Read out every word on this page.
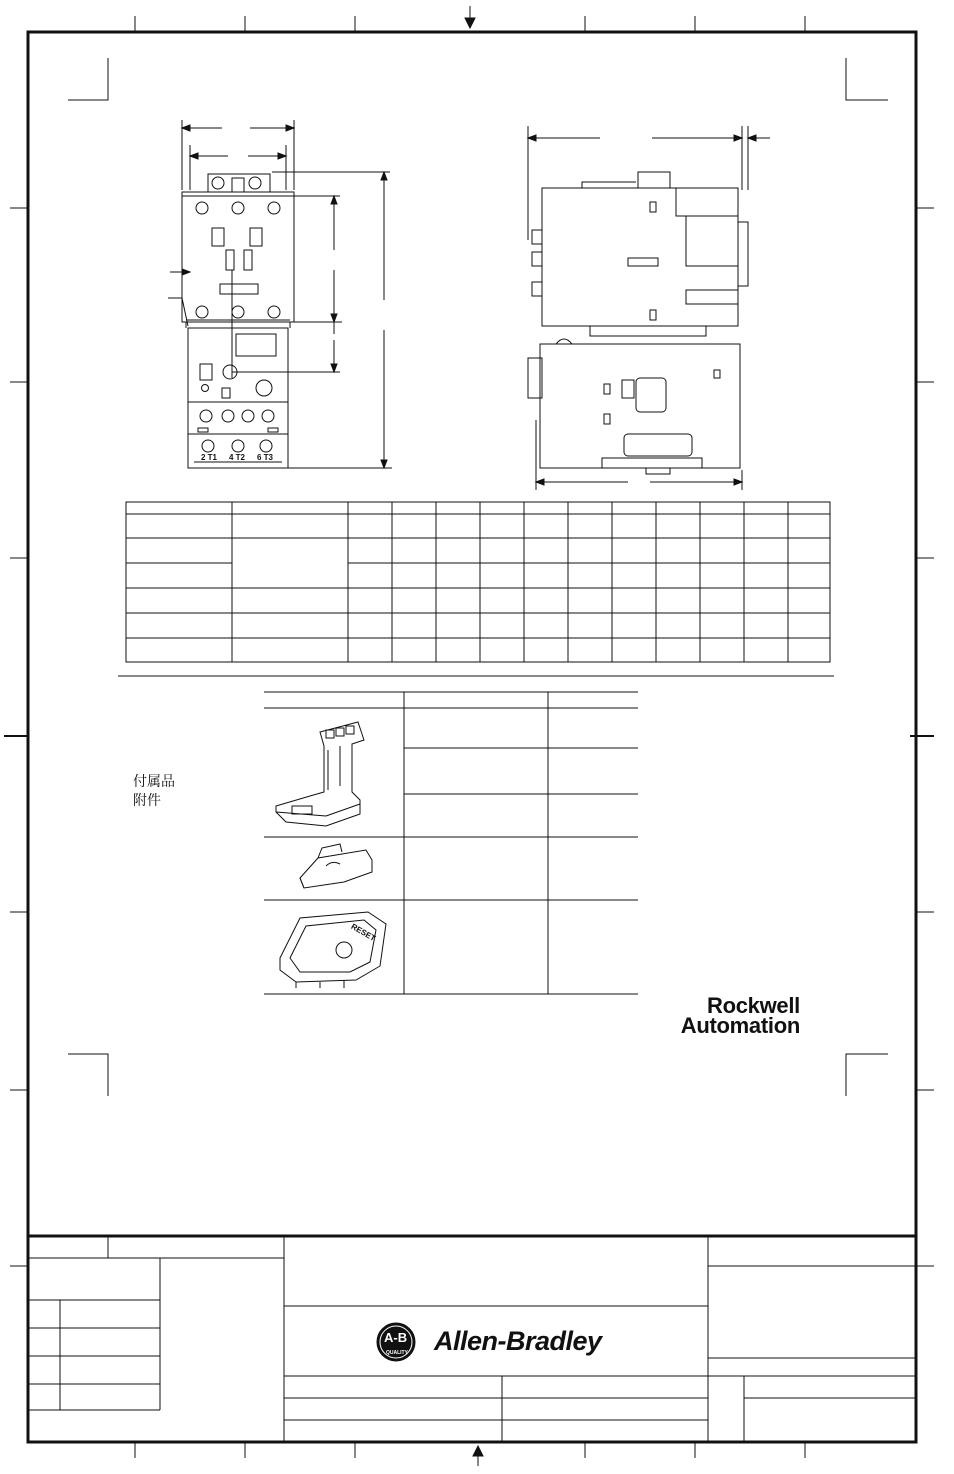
2 T1 4 T2 6 T3
RESET
付属品
附件
Rockwell
Automation
A-B
QUALITY Allen-Bradley
